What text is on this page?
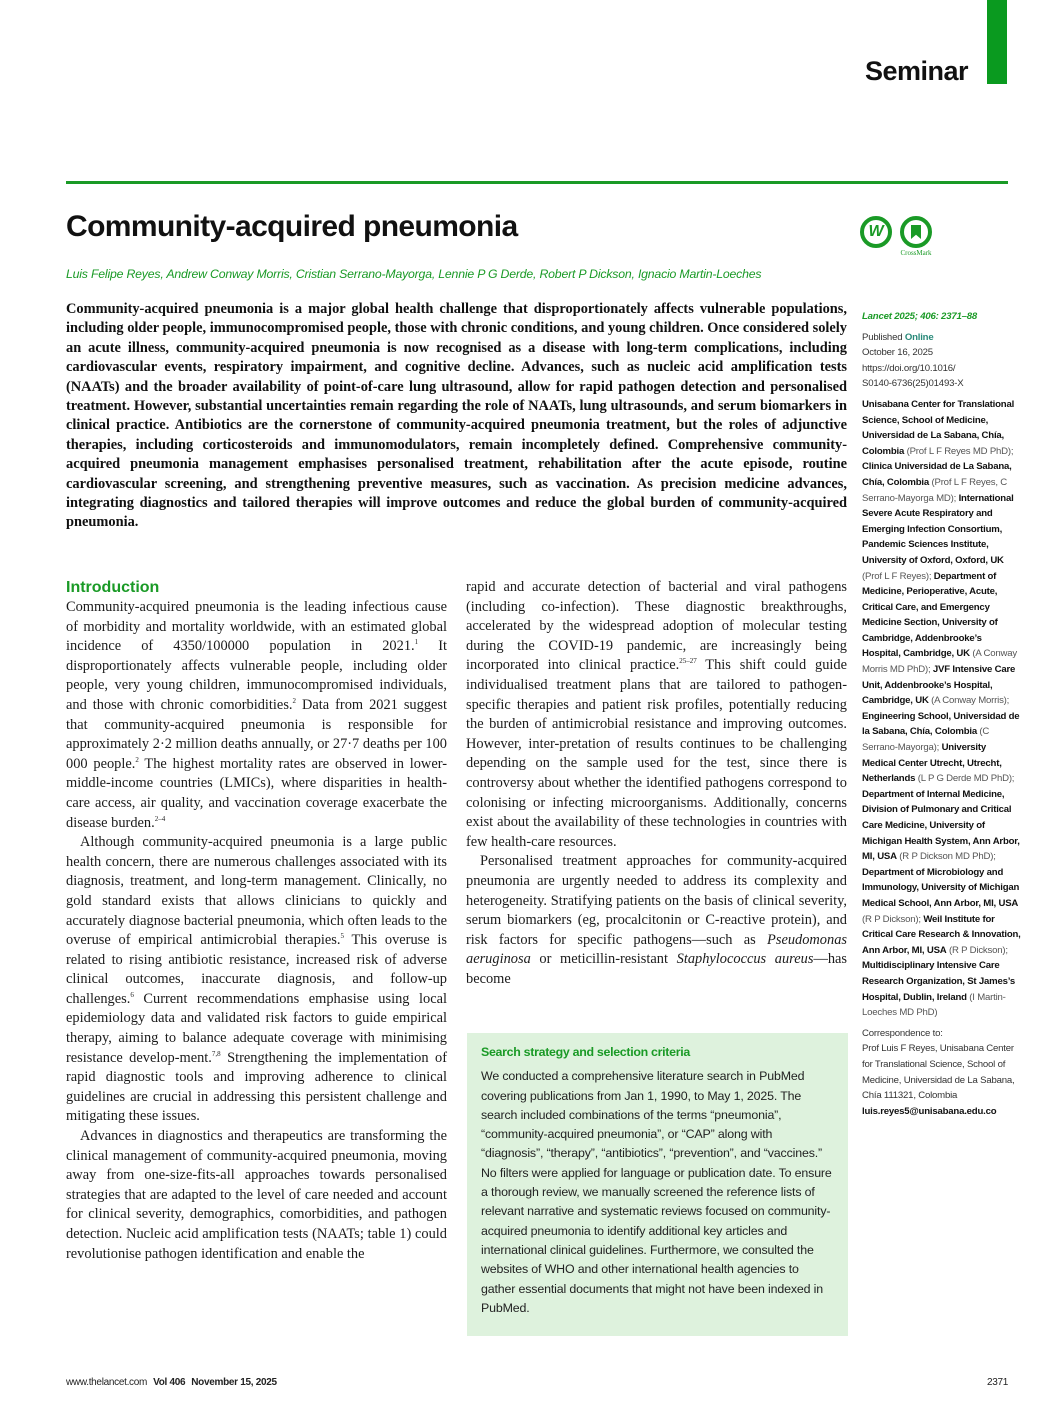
Seminar
Community-acquired pneumonia
Luis Felipe Reyes, Andrew Conway Morris, Cristian Serrano-Mayorga, Lennie P G Derde, Robert P Dickson, Ignacio Martin-Loeches
W
CrossMark
Community-acquired pneumonia is a major global health challenge that disproportionately affects vulnerable populations, including older people, immunocompromised people, those with chronic conditions, and young children. Once considered solely an acute illness, community-acquired pneumonia is now recognised as a disease with long-term complications, including cardiovascular events, respiratory impairment, and cognitive decline. Advances, such as nucleic acid amplification tests (NAATs) and the broader availability of point-of-care lung ultrasound, allow for rapid pathogen detection and personalised treatment. However, substantial uncertainties remain regarding the role of NAATs, lung ultrasounds, and serum biomarkers in clinical practice. Antibiotics are the cornerstone of community-acquired pneumonia treatment, but the roles of adjunctive therapies, including corticosteroids and immunomodulators, remain incompletely defined. Comprehensive community-acquired pneumonia management emphasises personalised treatment, rehabilitation after the acute episode, routine cardiovascular screening, and strengthening preventive measures, such as vaccination. As precision medicine advances, integrating diagnostics and tailored therapies will improve outcomes and reduce the global burden of community-acquired pneumonia.
Introduction

Community-acquired pneumonia is the leading infectious cause of morbidity and mortality worldwide, with an estimated global incidence of 4350/100000 population in 2021.$^1$ It disproportionately affects vulnerable people, including older people, very young children, immunocompromised individuals, and those with chronic comorbidities.$^2$ Data from 2021 suggest that community-acquired pneumonia is responsible for approximately 2·2 million deaths annually, or 27·7 deaths per 100 000 people.$^2$ The highest mortality rates are observed in lower-middle-income countries (LMICs), where disparities in health-care access, air quality, and vaccination coverage exacerbate the disease burden.$^{2-4}$

Although community-acquired pneumonia is a large public health concern, there are numerous challenges associated with its diagnosis, treatment, and long-term management. Clinically, no gold standard exists that allows clinicians to quickly and accurately diagnose bacterial pneumonia, which often leads to the overuse of empirical antimicrobial therapies.$^5$ This overuse is related to rising antibiotic resistance, increased risk of adverse clinical outcomes, inaccurate diagnosis, and follow-up challenges.$^6$ Current recommendations emphasise using local epidemiology data and validated risk factors to guide empirical therapy, aiming to balance adequate coverage with minimising resistance develop-ment.$^{7,8}$ Strengthening the implementation of rapid diagnostic tools and improving adherence to clinical guidelines are crucial in addressing this persistent challenge and mitigating these issues.

Advances in diagnostics and therapeutics are transforming the clinical management of community-acquired pneumonia, moving away from one-size-fits-all approaches towards personalised strategies that are adapted to the level of care needed and account for clinical severity, demographics, comorbidities, and pathogen detection. Nucleic acid amplification tests (NAATs; table 1) could revolutionise pathogen identification and enable the

rapid and accurate detection of bacterial and viral pathogens (including co-infection). These diagnostic breakthroughs, accelerated by the widespread adoption of molecular testing during the COVID-19 pandemic, are increasingly being incorporated into clinical practice.$^{25-27}$ This shift could guide individualised treatment plans that are tailored to pathogen-specific therapies and patient risk profiles, potentially reducing the burden of antimicrobial resistance and improving outcomes. However, inter-pretation of results continues to be challenging depending on the sample used for the test, since there is controversy about whether the identified pathogens correspond to colonising or infecting microorganisms. Additionally, concerns exist about the availability of these technologies in countries with few health-care resources.

Personalised treatment approaches for community-acquired pneumonia are urgently needed to address its complexity and heterogeneity. Stratifying patients on the basis of clinical severity, serum biomarkers (eg, procalcitonin or C-reactive protein), and risk factors for specific pathogens—such as Pseudomonas aeruginosa or meticillin-resistant Staphylococcus aureus—has become

Search strategy and selection criteria
We conducted a comprehensive literature search in PubMed covering publications from Jan 1, 1990, to May 1, 2025. The search included combinations of the terms “pneumonia”, “community-acquired pneumonia”, or “CAP” along with “diagnosis”, “therapy”, “antibiotics”, “prevention”, and “vaccines.” No filters were applied for language or publication date. To ensure a thorough review, we manually screened the reference lists of relevant narrative and systematic reviews focused on community-acquired pneumonia to identify additional key articles and international clinical guidelines. Furthermore, we consulted the websites of WHO and other international health agencies to gather essential documents that might not have been indexed in PubMed.
Lancet 2025; 406: 2371–88
Published Online
October 16, 2025
https://doi.org/10.1016/
S0140-6736(25)01493-X
Unisabana Center for Translational Science, School of Medicine, Universidad de La Sabana, Chía, Colombia (Prof L F Reyes MD PhD); Clinica Universidad de La Sabana, Chía, Colombia (Prof L F Reyes, C Serrano-Mayorga MD); International Severe Acute Respiratory and Emerging Infection Consortium, Pandemic Sciences Institute, University of Oxford, Oxford, UK (Prof L F Reyes); Department of Medicine, Perioperative, Acute, Critical Care, and Emergency Medicine Section, University of Cambridge, Addenbrooke’s Hospital, Cambridge, UK (A Conway Morris MD PhD); JVF Intensive Care Unit, Addenbrooke’s Hospital, Cambridge, UK (A Conway Morris); Engineering School, Universidad de la Sabana, Chía, Colombia (C Serrano-Mayorga); University Medical Center Utrecht, Utrecht, Netherlands (L P G Derde MD PhD); Department of Internal Medicine, Division of Pulmonary and Critical Care Medicine, University of Michigan Health System, Ann Arbor, MI, USA (R P Dickson MD PhD); Department of Microbiology and Immunology, University of Michigan Medical School, Ann Arbor, MI, USA (R P Dickson); Weil Institute for Critical Care Research & Innovation, Ann Arbor, MI, USA (R P Dickson); Multidisciplinary Intensive Care Research Organization, St James’s Hospital, Dublin, Ireland (I Martin-Loeches MD PhD)
Correspondence to:
Prof Luis F Reyes, Unisabana Center for Translational Science, School of Medicine, Universidad de La Sabana, Chía 111321, Colombia
luis.reyes5@unisabana.edu.co
www.thelancet.com Vol 406 November 15, 2025	2371
